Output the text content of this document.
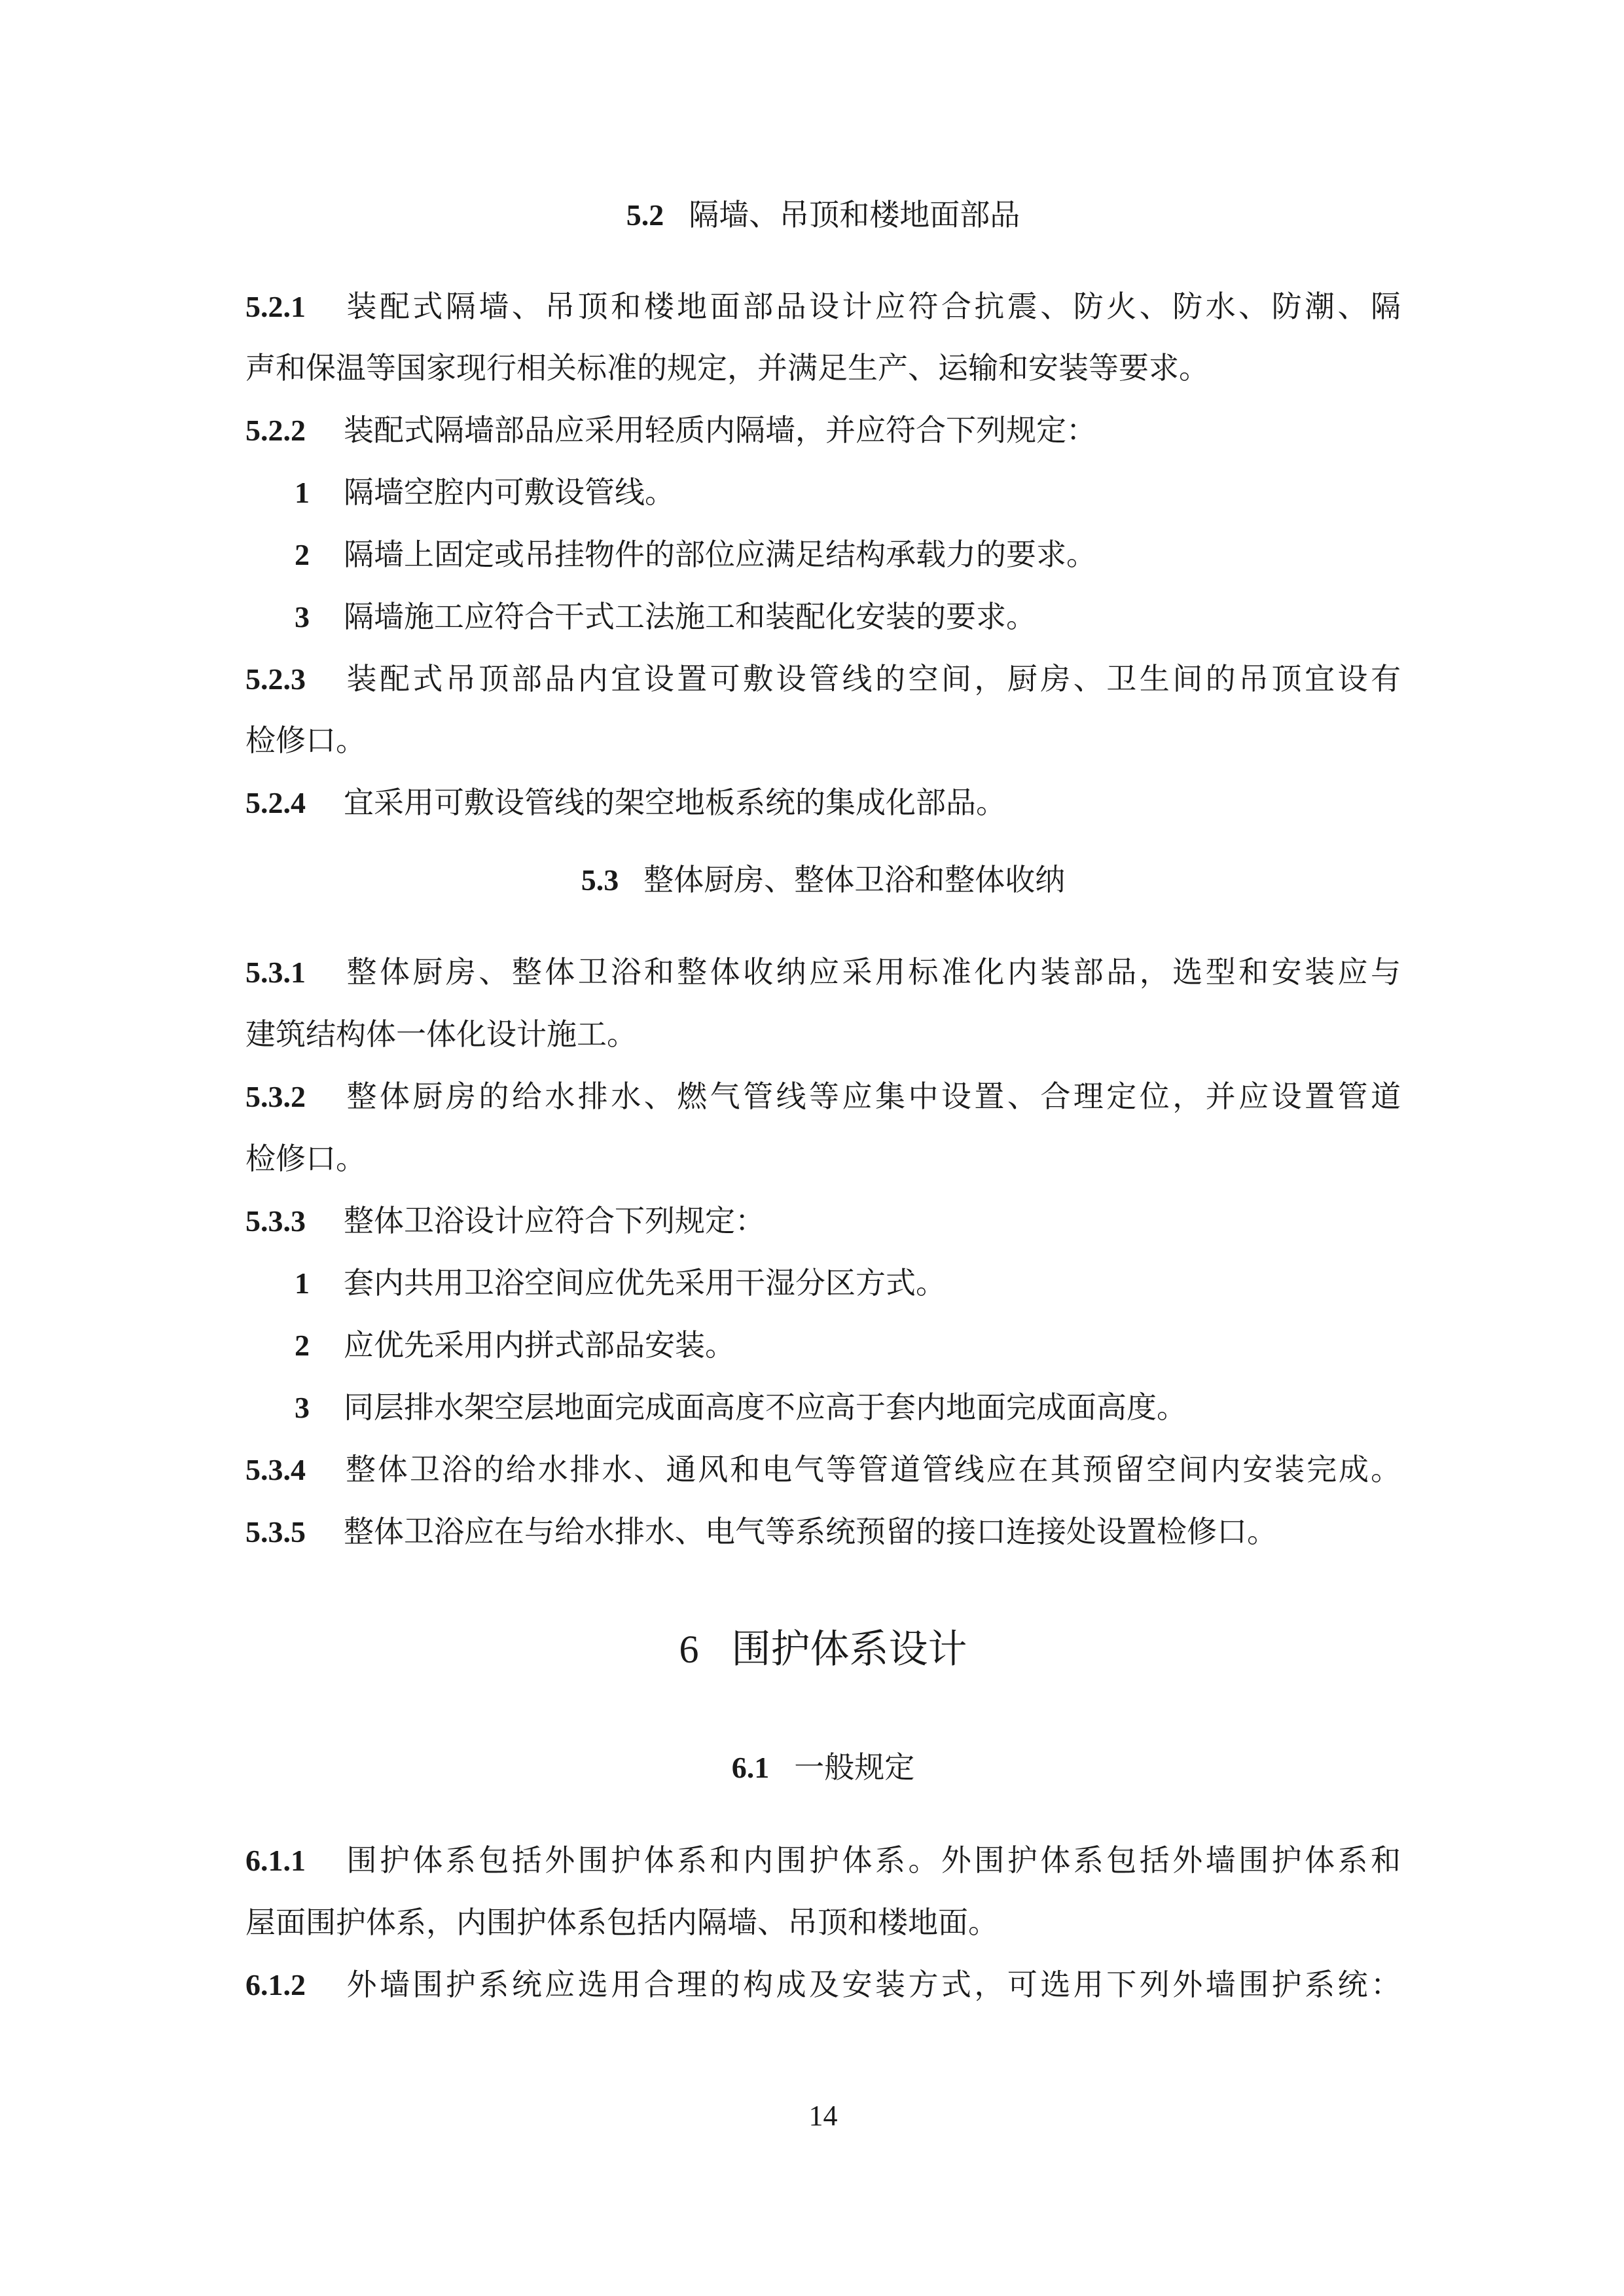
5.2 隔墙、吊顶和楼地面部品
5.2.1 装配式隔墙、吊顶和楼地面部品设计应符合抗震、防火、防水、防潮、隔
声和保温等国家现行相关标准的规定，并满足生产、运输和安装等要求。
5.2.2 装配式隔墙部品应采用轻质内隔墙，并应符合下列规定：
1 隔墙空腔内可敷设管线。
2 隔墙上固定或吊挂物件的部位应满足结构承载力的要求。
3 隔墙施工应符合干式工法施工和装配化安装的要求。
5.2.3 装配式吊顶部品内宜设置可敷设管线的空间，厨房、卫生间的吊顶宜设有
检修口。
5.2.4 宜采用可敷设管线的架空地板系统的集成化部品。
5.3 整体厨房、整体卫浴和整体收纳
5.3.1 整体厨房、整体卫浴和整体收纳应采用标准化内装部品，选型和安装应与
建筑结构体一体化设计施工。
5.3.2 整体厨房的给水排水、燃气管线等应集中设置、合理定位，并应设置管道
检修口。
5.3.3 整体卫浴设计应符合下列规定：
1 套内共用卫浴空间应优先采用干湿分区方式。
2 应优先采用内拼式部品安装。
3 同层排水架空层地面完成面高度不应高于套内地面完成面高度。
5.3.4 整体卫浴的给水排水、通风和电气等管道管线应在其预留空间内安装完成。
5.3.5 整体卫浴应在与给水排水、电气等系统预留的接口连接处设置检修口。
6 围护体系设计
6.1 一般规定
6.1.1 围护体系包括外围护体系和内围护体系。外围护体系包括外墙围护体系和
屋面围护体系，内围护体系包括内隔墙、吊顶和楼地面。
6.1.2 外墙围护系统应选用合理的构成及安装方式，可选用下列外墙围护系统：
14
